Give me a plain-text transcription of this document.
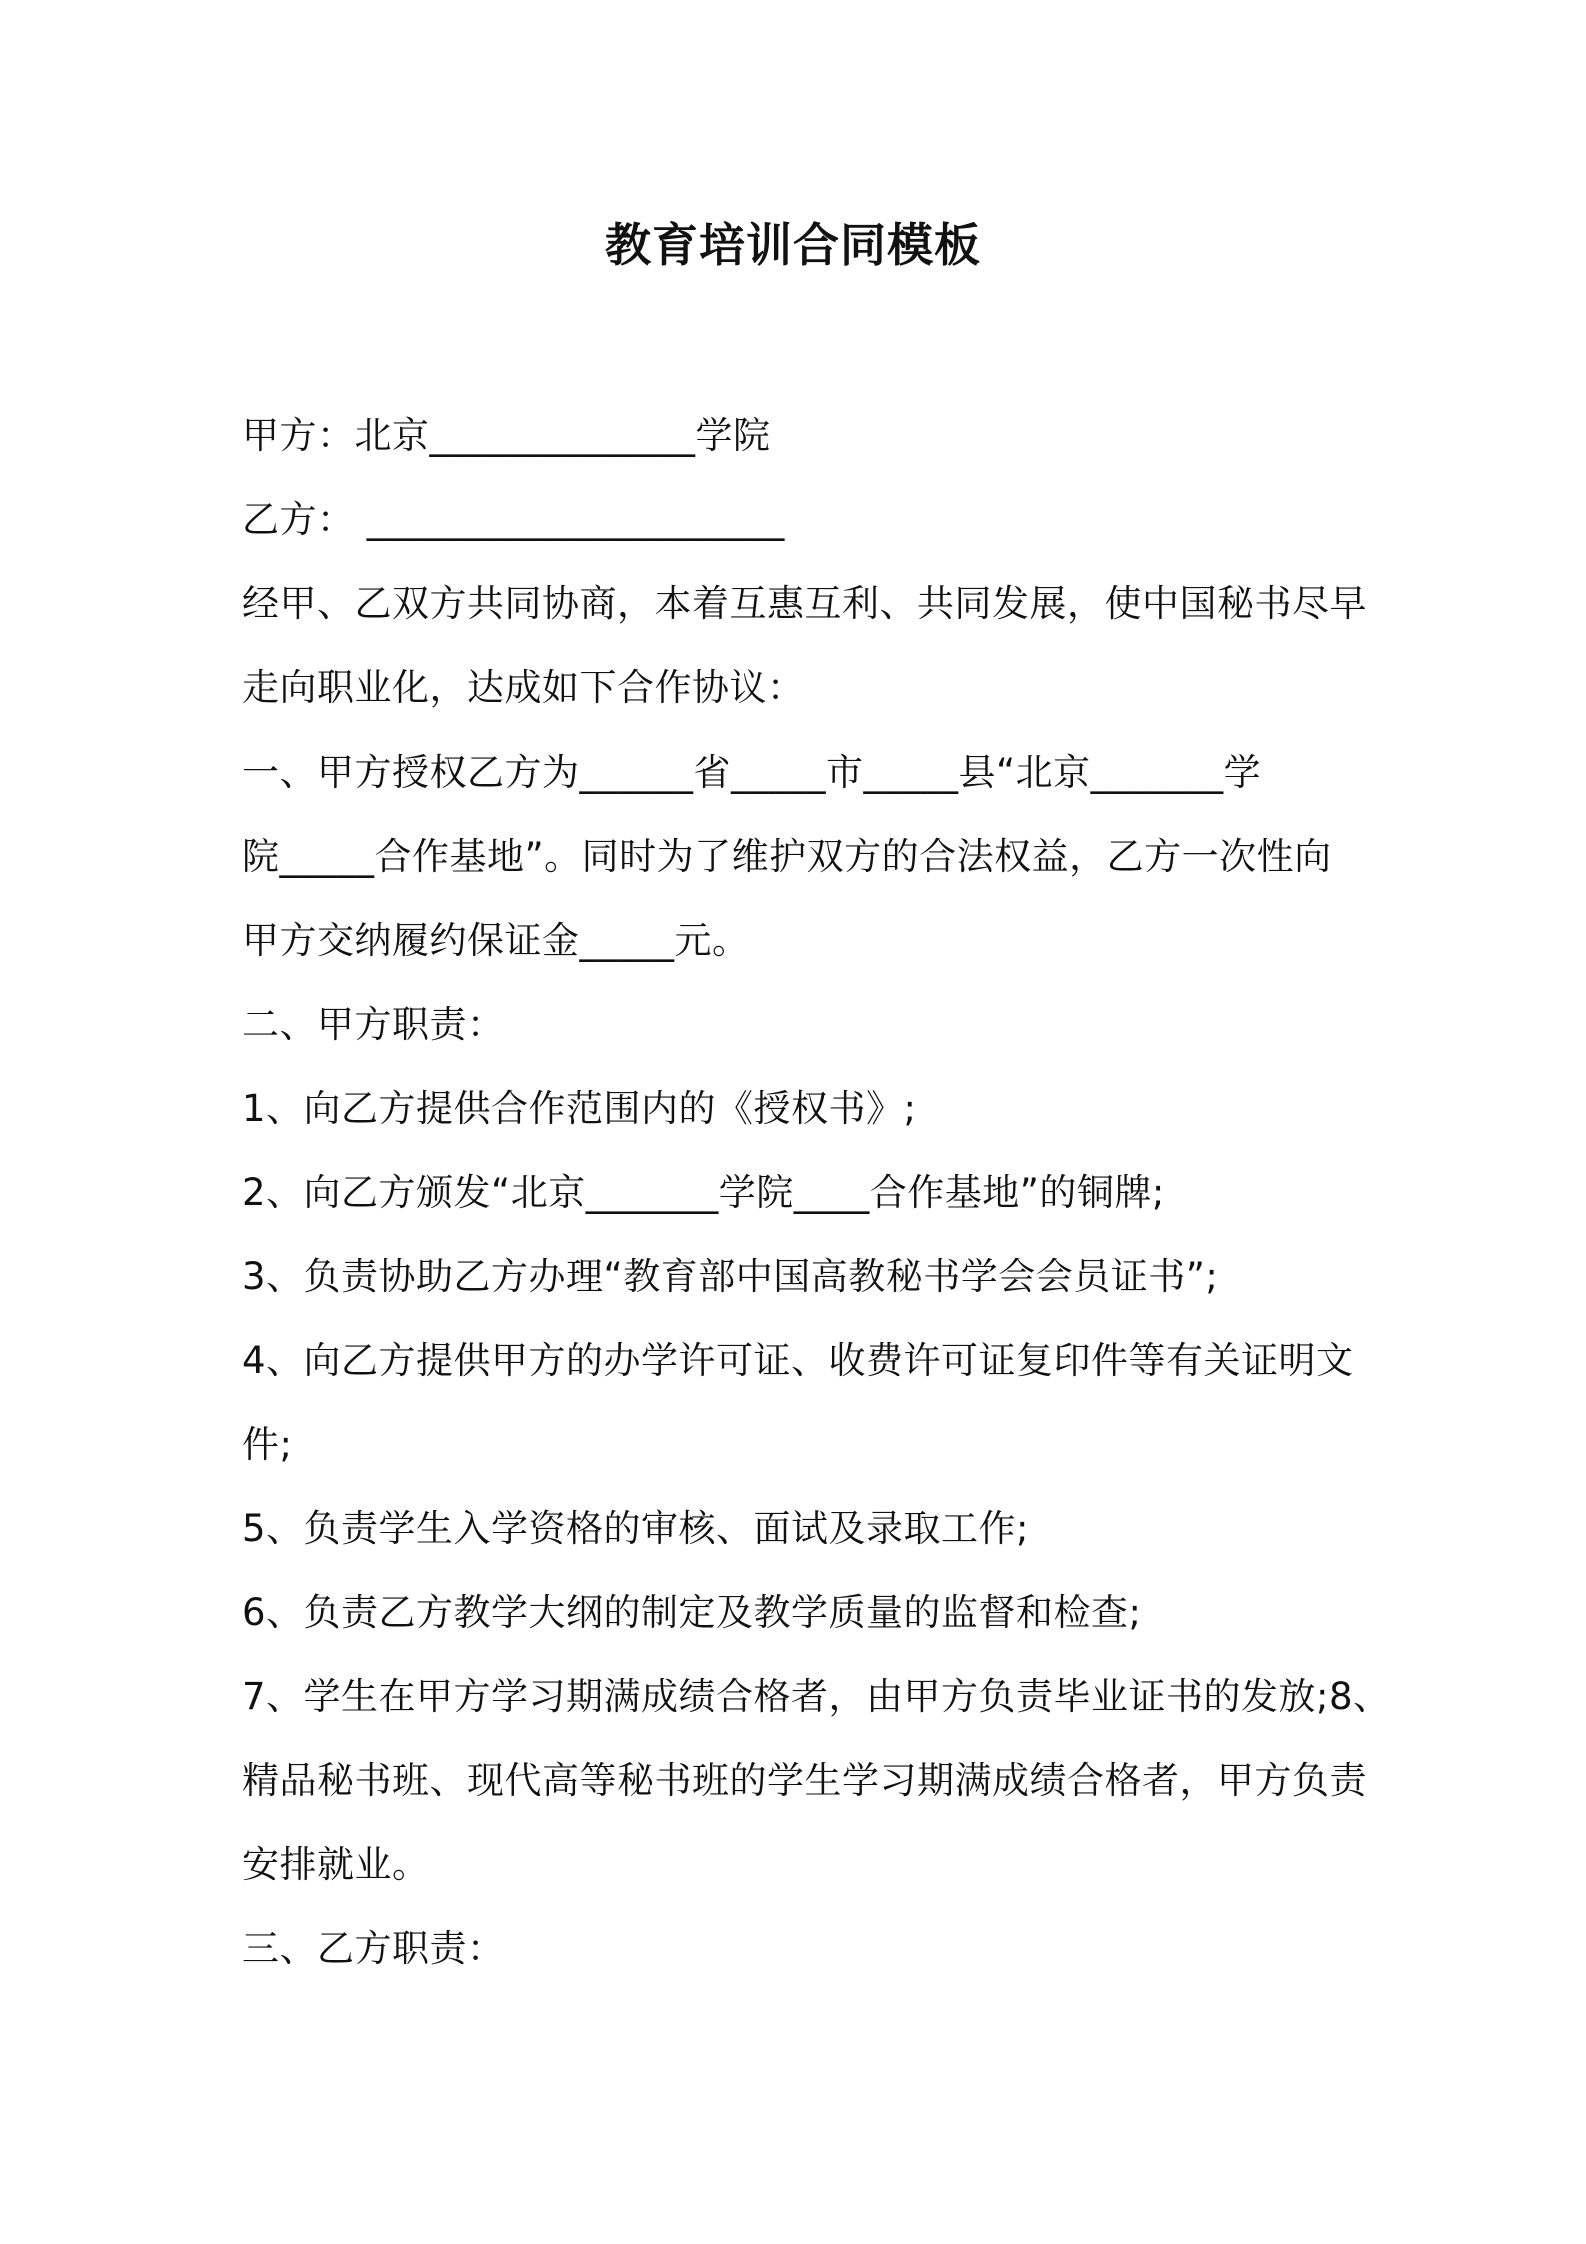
教育培训合同模板

甲方：北京______________学院

乙方： ______________________

经甲、乙双方共同协商，本着互惠互利、共同发展，使中国秘书尽早

走向职业化，达成如下合作协议：

一、甲方授权乙方为______省_____市_____县“北京_______学

院_____合作基地”。同时为了维护双方的合法权益，乙方一次性向

甲方交纳履约保证金_____元。

二、甲方职责：

1、向乙方提供合作范围内的《授权书》;

2、向乙方颁发“北京_______学院____合作基地”的铜牌;

3、负责协助乙方办理“教育部中国高教秘书学会会员证书”;

4、向乙方提供甲方的办学许可证、收费许可证复印件等有关证明文

件;

5、负责学生入学资格的审核、面试及录取工作;

6、负责乙方教学大纲的制定及教学质量的监督和检查;

7、学生在甲方学习期满成绩合格者，由甲方负责毕业证书的发放;8、

精品秘书班、现代高等秘书班的学生学习期满成绩合格者，甲方负责

安排就业。

三、乙方职责：
